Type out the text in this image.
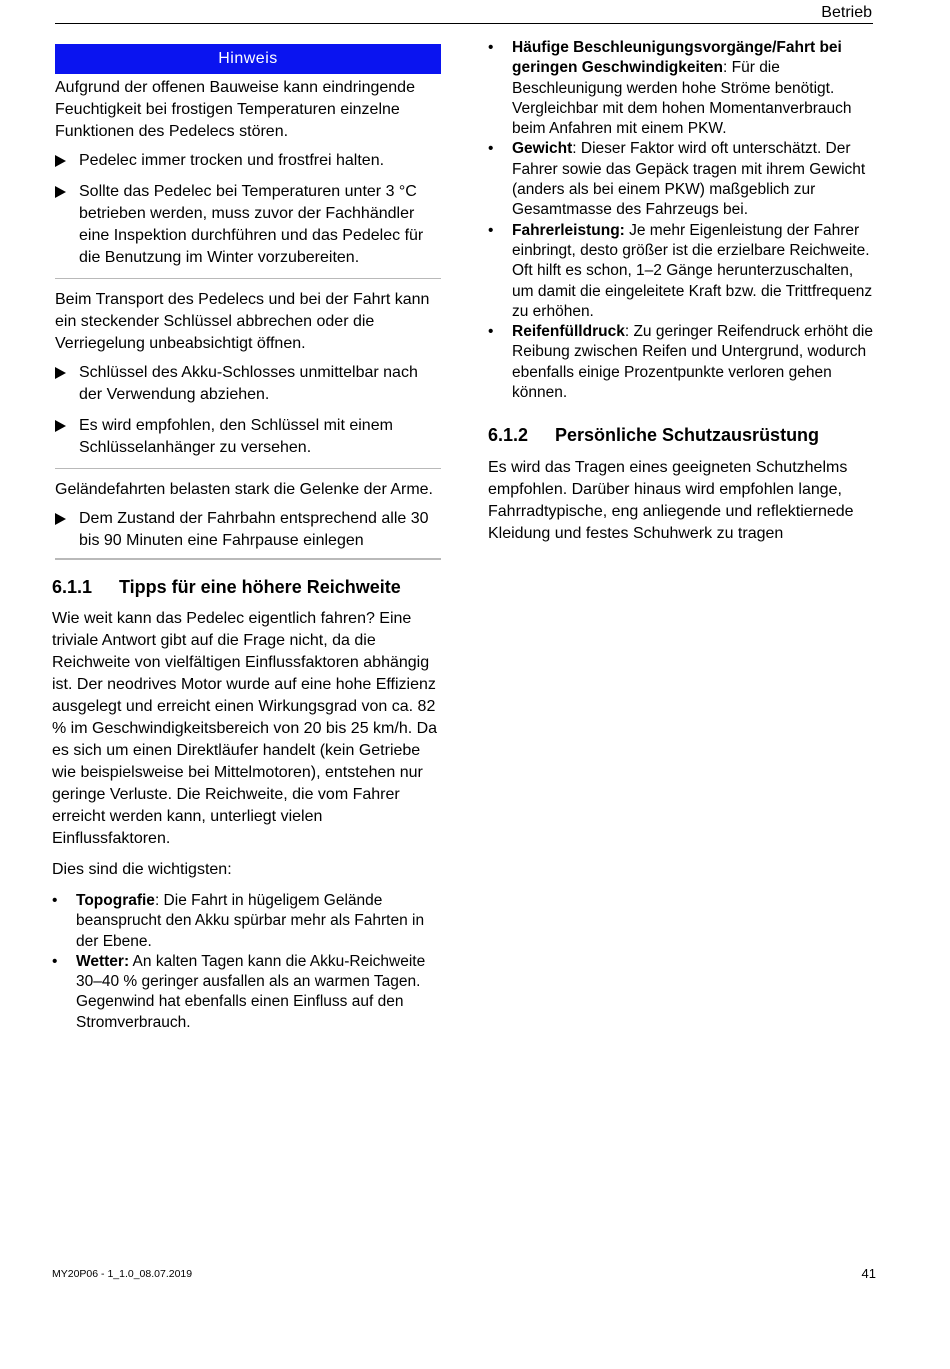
Betrieb
Hinweis

Aufgrund der offenen Bauweise kann eindringende Feuchtigkeit bei frostigen Temperaturen einzelne Funktionen des Pedelecs stören.

Pedelec immer trocken und frostfrei halten.
Sollte das Pedelec bei Temperaturen unter 3 °C betrieben werden, muss zuvor der Fachhändler eine Inspektion durchführen und das Pedelec für die Benutzung im Winter vorzubereiten.

Beim Transport des Pedelecs und bei der Fahrt kann ein steckender Schlüssel abbrechen oder die Verriegelung unbeabsichtigt öffnen.

Schlüssel des Akku-Schlosses unmittelbar nach der Verwendung abziehen.
Es wird empfohlen, den Schlüssel mit einem Schlüsselanhänger zu versehen.

Geländefahrten belasten stark die Gelenke der Arme.

Dem Zustand der Fahrbahn entsprechend alle 30 bis 90 Minuten eine Fahrpause einlegen
6.1.1	Tipps für eine höhere Reichweite

Wie weit kann das Pedelec eigentlich fahren? Eine triviale Antwort gibt auf die Frage nicht, da die Reichweite von vielfältigen Einflussfaktoren abhängig ist. Der neodrives Motor wurde auf eine hohe Effizienz ausgelegt und erreicht einen Wirkungsgrad von ca. 82 % im Geschwindigkeitsbereich von 20 bis 25 km/h. Da es sich um einen Direktläufer handelt (kein Getriebe wie beispielsweise bei Mittelmotoren), entstehen nur geringe Verluste. Die Reichweite, die vom Fahrer erreicht werden kann, unterliegt vielen Einflussfaktoren.

Dies sind die wichtigsten:

•	Topografie: Die Fahrt in hügeligem Gelände beansprucht den Akku spürbar mehr als Fahrten in der Ebene.
•	Wetter: An kalten Tagen kann die Akku-Reichweite 30–40 % geringer ausfallen als an warmen Tagen. Gegenwind hat ebenfalls einen Einfluss auf den Stromverbrauch.
•	Häufige Beschleunigungsvorgänge/Fahrt bei geringen Geschwindigkeiten: Für die Beschleunigung werden hohe Ströme benötigt. Vergleichbar mit dem hohen Momentanverbrauch beim Anfahren mit einem PKW.
•	Gewicht: Dieser Faktor wird oft unterschätzt. Der Fahrer sowie das Gepäck tragen mit ihrem Gewicht (anders als bei einem PKW) maßgeblich zur Gesamtmasse des Fahrzeugs bei.
•	Fahrerleistung: Je mehr Eigenleistung der Fahrer einbringt, desto größer ist die erzielbare Reichweite. Oft hilft es schon, 1–2 Gänge herunterzuschalten, um damit die eingeleitete Kraft bzw. die Trittfrequenz zu erhöhen.
•	Reifenfülldruck: Zu geringer Reifendruck erhöht die Reibung zwischen Reifen und Untergrund, wodurch ebenfalls einige Prozentpunkte verloren gehen können.
6.1.2	Persönliche Schutzausrüstung

Es wird das Tragen eines geeigneten Schutzhelms empfohlen. Darüber hinaus wird empfohlen lange, Fahrradtypische, eng anliegende und reflektiernede Kleidung und festes Schuhwerk zu tragen

MY20P06 - 1_1.0_08.07.2019	41
